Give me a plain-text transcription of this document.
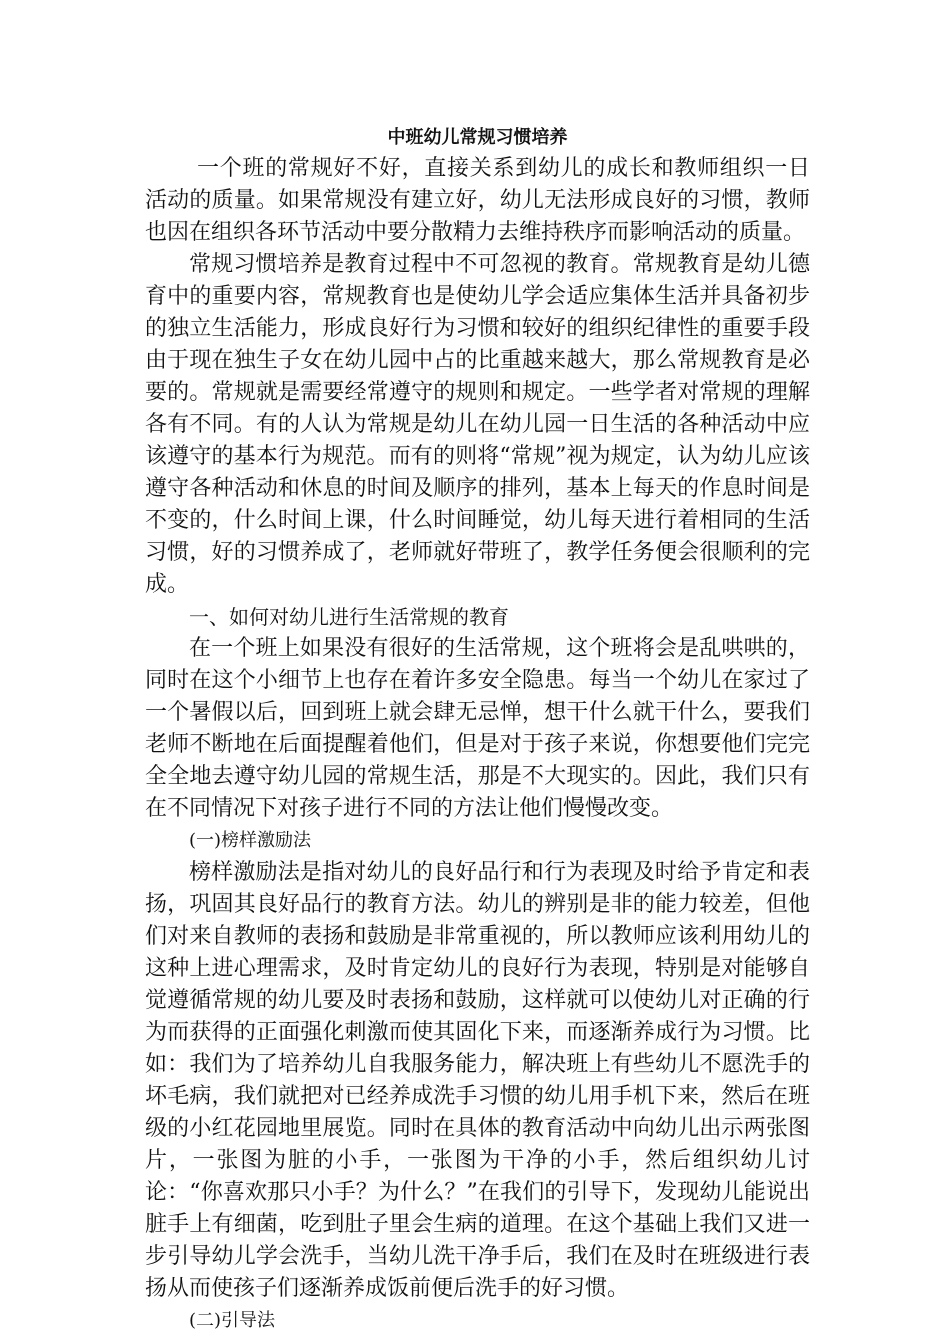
中班幼儿常规习惯培养

一个班的常规好不好，直接关系到幼儿的成长和教师组织一日活动的质量。如果常规没有建立好，幼儿无法形成良好的习惯，教师也因在组织各环节活动中要分散精力去维持秩序而影响活动的质量。

常规习惯培养是教育过程中不可忽视的教育。常规教育是幼儿德育中的重要内容，常规教育也是使幼儿学会适应集体生活并具备初步的独立生活能力，形成良好行为习惯和较好的组织纪律性的重要手段由于现在独生子女在幼儿园中占的比重越来越大，那么常规教育是必要的。常规就是需要经常遵守的规则和规定。一些学者对常规的理解各有不同。有的人认为常规是幼儿在幼儿园一日生活的各种活动中应该遵守的基本行为规范。而有的则将“常规”视为规定，认为幼儿应该遵守各种活动和休息的时间及顺序的排列，基本上每天的作息时间是不变的，什么时间上课，什么时间睡觉，幼儿每天进行着相同的生活习惯，好的习惯养成了，老师就好带班了，教学任务便会很顺利的完成。

一、如何对幼儿进行生活常规的教育

在一个班上如果没有很好的生活常规，这个班将会是乱哄哄的，同时在这个小细节上也存在着许多安全隐患。每当一个幼儿在家过了一个暑假以后，回到班上就会肆无忌惮，想干什么就干什么，要我们老师不断地在后面提醒着他们，但是对于孩子来说，你想要他们完完全全地去遵守幼儿园的常规生活，那是不大现实的。因此，我们只有在不同情况下对孩子进行不同的方法让他们慢慢改变。

(一)榜样激励法

榜样激励法是指对幼儿的良好品行和行为表现及时给予肯定和表扬，巩固其良好品行的教育方法。幼儿的辨别是非的能力较差，但他们对来自教师的表扬和鼓励是非常重视的，所以教师应该利用幼儿的这种上进心理需求，及时肯定幼儿的良好行为表现，特别是对能够自觉遵循常规的幼儿要及时表扬和鼓励，这样就可以使幼儿对正确的行为而获得的正面强化刺激而使其固化下来，而逐渐养成行为习惯。比如：我们为了培养幼儿自我服务能力，解决班上有些幼儿不愿洗手的坏毛病，我们就把对已经养成洗手习惯的幼儿用手机下来，然后在班级的小红花园地里展览。同时在具体的教育活动中向幼儿出示两张图片，一张图为脏的小手，一张图为干净的小手，然后组织幼儿讨论：“你喜欢那只小手？为什么？”在我们的引导下，发现幼儿能说出脏手上有细菌，吃到肚子里会生病的道理。在这个基础上我们又进一步引导幼儿学会洗手，当幼儿洗干净手后，我们在及时在班级进行表扬从而使孩子们逐渐养成饭前便后洗手的好习惯。

(二)引导法
